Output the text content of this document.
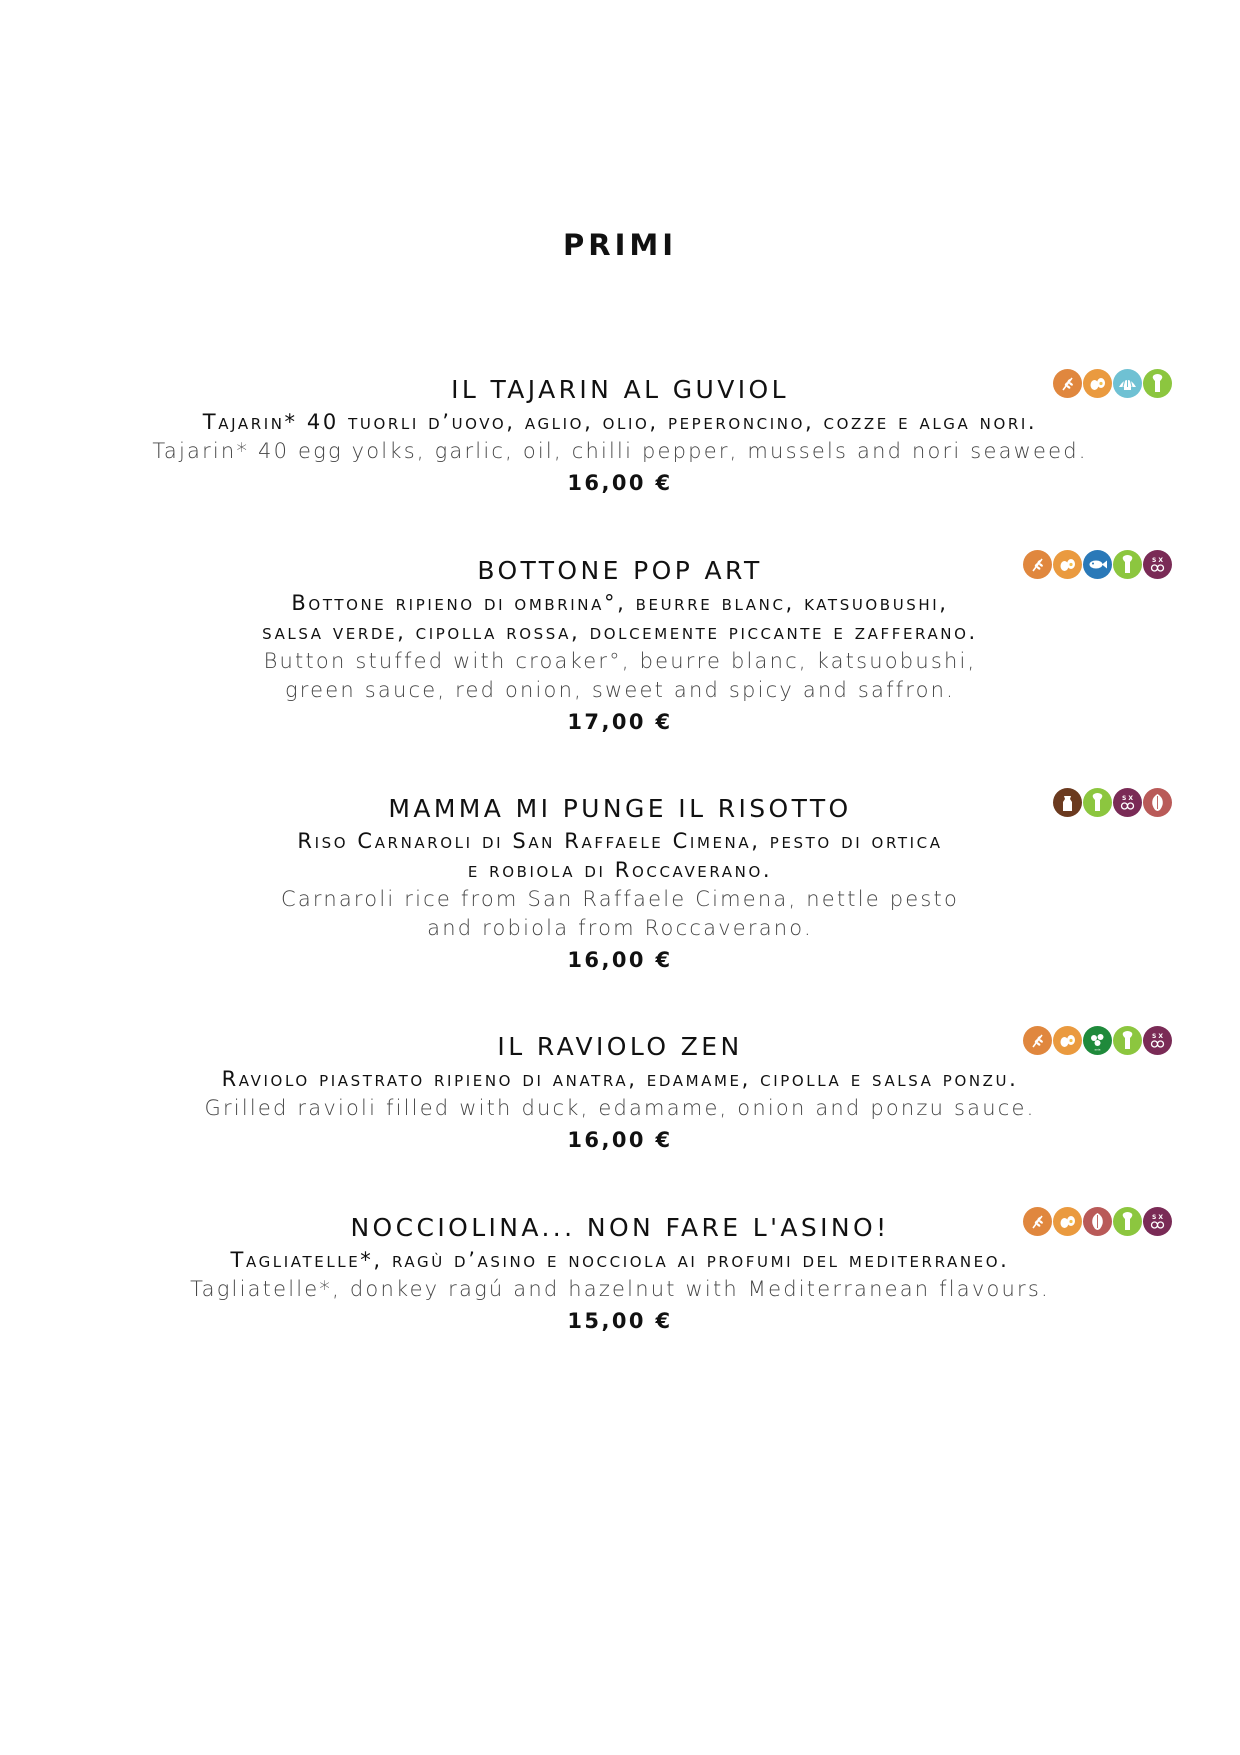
PRIMI
IL TAJARIN AL GUVIOL
Tajarin* 40 tuorli d’uovo, aglio, olio, peperoncino, cozze e alga nori.
Tajarin* 40 egg yolks, garlic, oil, chilli pepper, mussels and nori seaweed.
16,00 €
BOTTONE POP ART
Bottone ripieno di ombrina°, beurre blanc, katsuobushi,
salsa verde, cipolla rossa, dolcemente piccante e zafferano.
Button stuffed with croaker°, beurre blanc, katsuobushi,
green sauce, red onion, sweet and spicy and saffron.
17,00 €
S X
MAMMA MI PUNGE IL RISOTTO
Riso Carnaroli di San Raffaele Cimena, pesto di ortica
e robiola di Roccaverano.
Carnaroli rice from San Raffaele Cimena, nettle pesto
and robiola from Roccaverano.
16,00 €
S X
IL RAVIOLO ZEN
Raviolo piastrato ripieno di anatra, edamame, cipolla e salsa ponzu.
Grilled ravioli filled with duck, edamame, onion and ponzu sauce.
16,00 €
soia
S X
NOCCIOLINA... NON FARE L'ASINO!
Tagliatelle*, ragù d’asino e nocciola ai profumi del mediterraneo.
Tagliatelle*, donkey ragú and hazelnut with Mediterranean flavours.
15,00 €
S X
